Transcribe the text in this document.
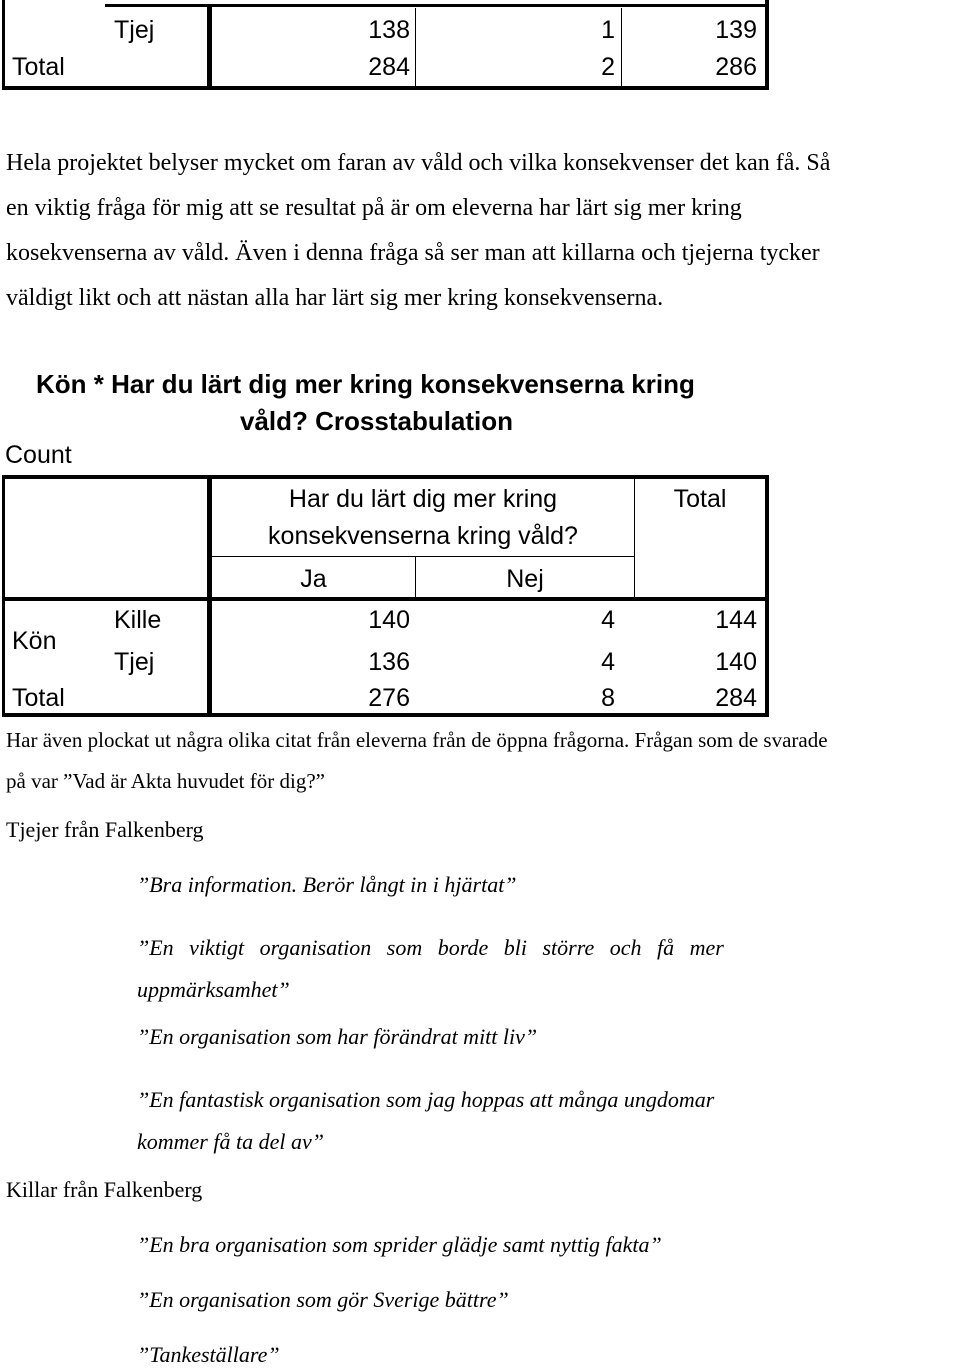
Tjej	138	1	139
Total	284	2	286
Hela projektet belyser mycket om faran av våld och vilka konsekvenser det kan få. Så
en viktig fråga för mig att se resultat på är om eleverna har lärt sig mer kring
kosekvenserna av våld. Även i denna fråga så ser man att killarna och tjejerna tycker
väldigt likt och att nästan alla har lärt sig mer kring konsekvenserna.
Kön * Har du lärt dig mer kring konsekvenserna kring
våld? Crosstabulation
Count
Har du lärt dig mer kring
konsekvenserna kring våld?
Total
Ja	Nej
Kön
Kille	140	4	144
Tjej	136	4	140
Total	276	8	284
Har även plockat ut några olika citat från eleverna från de öppna frågorna. Frågan som de svarade
på var ”Vad är Akta huvudet för dig?”
Tjejer från Falkenberg
”Bra information. Berör långt in i hjärtat”
”En viktigt organisation som borde bli större och få mer
uppmärksamhet”
”En organisation som har förändrat mitt liv”
”En fantastisk organisation som jag hoppas att många ungdomar
kommer få ta del av”
Killar från Falkenberg
”En bra organisation som sprider glädje samt nyttig fakta”
”En organisation som gör Sverige bättre”
”Tankeställare”
